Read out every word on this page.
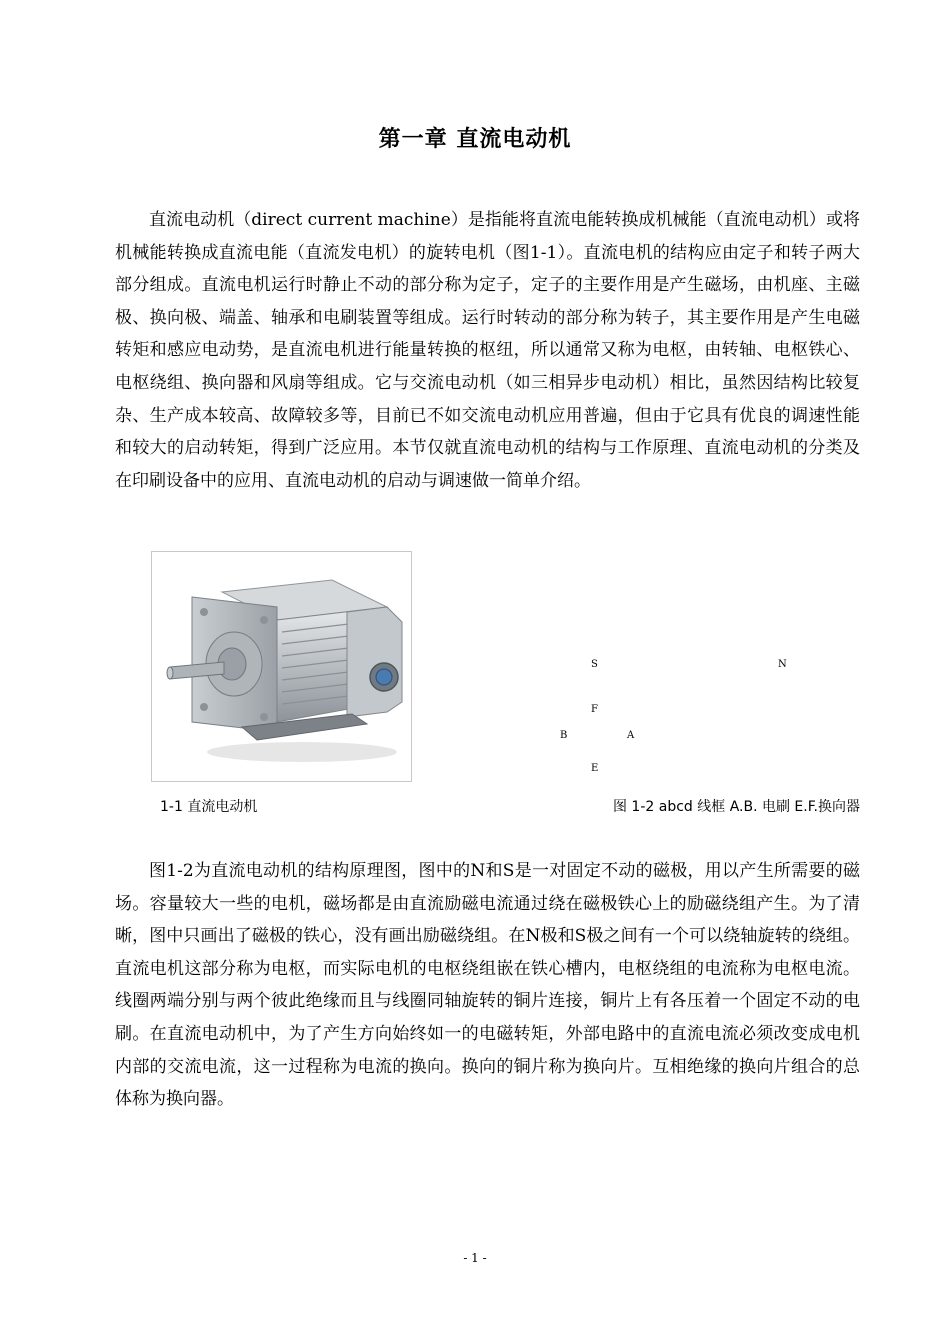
第一章 直流电动机

直流电动机（direct current machine）是指能将直流电能转换成机械能（直流电动机）或将机械能转换成直流电能（直流发电机）的旋转电机（图1-1）。直流电机的结构应由定子和转子两大部分组成。直流电机运行时静止不动的部分称为定子，定子的主要作用是产生磁场，由机座、主磁极、换向极、端盖、轴承和电刷装置等组成。运行时转动的部分称为转子，其主要作用是产生电磁转矩和感应电动势，是直流电机进行能量转换的枢纽，所以通常又称为电枢，由转轴、电枢铁心、电枢绕组、换向器和风扇等组成。它与交流电动机（如三相异步电动机）相比，虽然因结构比较复杂、生产成本较高、故障较多等，目前已不如交流电动机应用普遍，但由于它具有优良的调速性能和较大的启动转矩，得到广泛应用。本节仅就直流电动机的结构与工作原理、直流电动机的分类及在印刷设备中的应用、直流电动机的启动与调速做一简单介绍。

1-1 直流电动机
S	N
F
B	A
E
图 1-2 abcd 线框 A.B. 电刷 E.F.换向器

图1-2为直流电动机的结构原理图，图中的N和S是一对固定不动的磁极，用以产生所需要的磁场。容量较大一些的电机，磁场都是由直流励磁电流通过绕在磁极铁心上的励磁绕组产生。为了清晰，图中只画出了磁极的铁心，没有画出励磁绕组。在N极和S极之间有一个可以绕轴旋转的绕组。直流电机这部分称为电枢，而实际电机的电枢绕组嵌在铁心槽内，电枢绕组的电流称为电枢电流。线圈两端分别与两个彼此绝缘而且与线圈同轴旋转的铜片连接，铜片上有各压着一个固定不动的电刷。在直流电动机中，为了产生方向始终如一的电磁转矩，外部电路中的直流电流必须改变成电机内部的交流电流，这一过程称为电流的换向。换向的铜片称为换向片。互相绝缘的换向片组合的总体称为换向器。

- 1 -
